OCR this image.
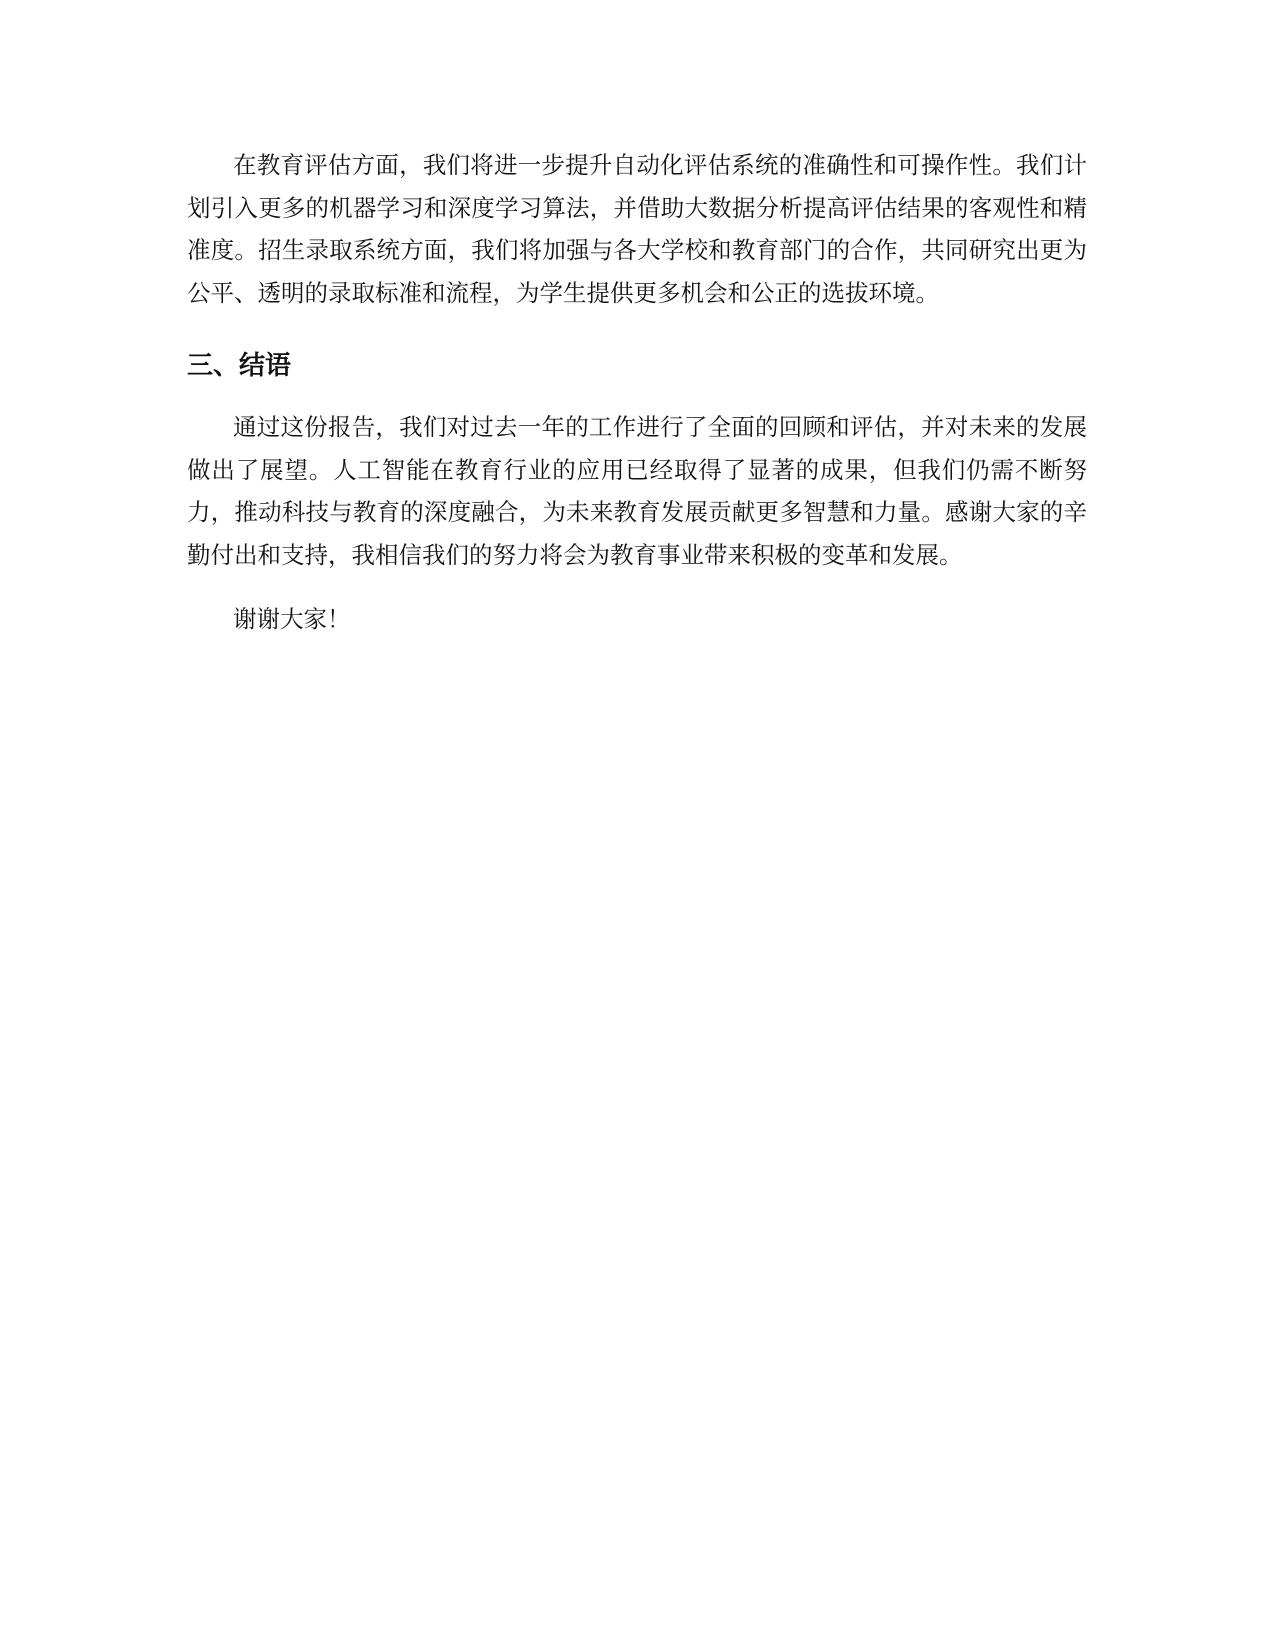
在教育评估方面，我们将进一步提升自动化评估系统的准确性和可操作性。我们计划引入更多的机器学习和深度学习算法，并借助大数据分析提高评估结果的客观性和精准度。招生录取系统方面，我们将加强与各大学校和教育部门的合作，共同研究出更为公平、透明的录取标准和流程，为学生提供更多机会和公正的选拔环境。

三、结语

通过这份报告，我们对过去一年的工作进行了全面的回顾和评估，并对未来的发展做出了展望。人工智能在教育行业的应用已经取得了显著的成果，但我们仍需不断努力，推动科技与教育的深度融合，为未来教育发展贡献更多智慧和力量。感谢大家的辛勤付出和支持，我相信我们的努力将会为教育事业带来积极的变革和发展。

谢谢大家！
